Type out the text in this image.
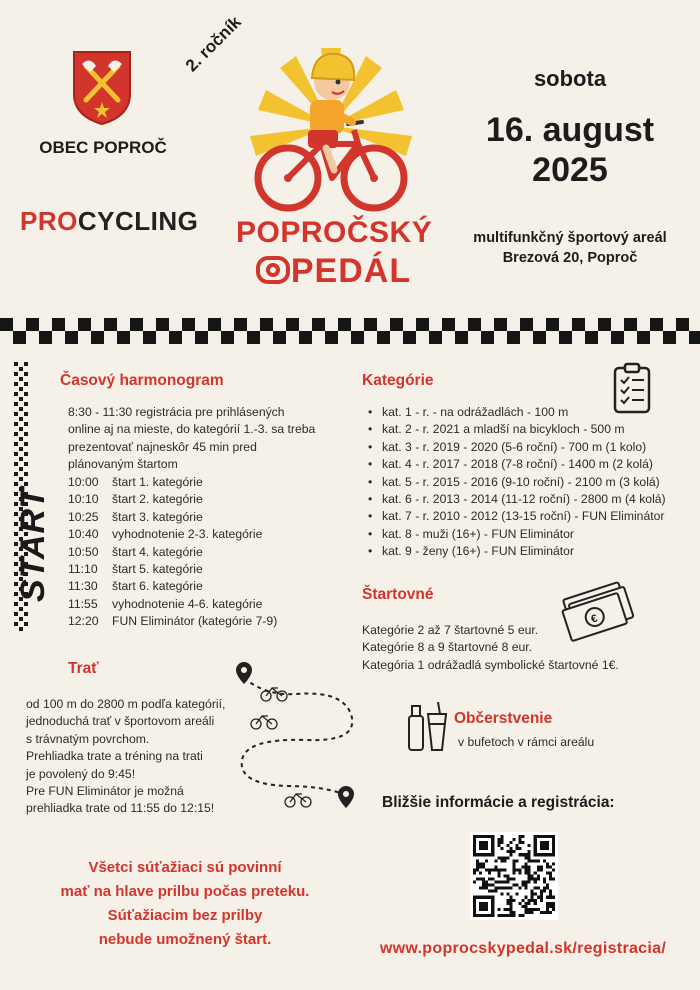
OBEC POPROČ
PROCYCLING
2. ročník
POPROČSKÝ
PEDÁL
sobota
16. august
2025
multifunkčný športový areál
Brezová 20, Poproč
START
Časový harmonogram
8:30 - 11:30 registrácia pre prihlásených online aj na mieste, do kategórií 1.-3. sa treba prezentovať najneskôr 45 min pred plánovaným štartom
10:00	štart 1. kategórie
10:10	štart 2. kategórie
10:25	štart 3. kategórie
10:40	vyhodnotenie 2-3. kategórie
10:50	štart 4. kategórie
11:10	štart 5. kategórie
11:30	štart 6. kategórie
11:55	vyhodnotenie 4-6. kategórie
12:20	FUN Eliminátor (kategórie 7-9)
Kategórie
• kat. 1 - r. - na odrážadlách - 100 m
• kat. 2 - r. 2021 a mladší na bicykloch - 500 m
• kat. 3 - r. 2019 - 2020 (5-6 roční) - 700 m (1 kolo)
• kat. 4 - r. 2017 - 2018 (7-8 roční) - 1400 m (2 kolá)
• kat. 5 - r. 2015 - 2016 (9-10 roční) - 2100 m (3 kolá)
• kat. 6 - r. 2013 - 2014 (11-12 roční) - 2800 m (4 kolá)
• kat. 7 - r. 2010 - 2012 (13-15 roční) - FUN Eliminátor
• kat. 8 - muži (16+) - FUN Eliminátor
• kat. 9 - ženy (16+) - FUN Eliminátor
Štartovné
€
Kategórie 2 až 7 štartovné 5 eur.
Kategórie 8 a 9 štartovné 8 eur.
Kategória 1 odrážadlá symbolické štartovné 1€.
Trať
od 100 m do 2800 m podľa kategórií,
jednoduchá trať v športovom areáli
s trávnatým povrchom.
Prehliadka trate a tréning na trati
je povolený do 9:45!
Pre FUN Eliminátor je možná
prehliadka trate od 11:55 do 12:15!
Občerstvenie
v bufetoch v rámci areálu
Bližšie informácie a registrácia:
www.poprocskypedal.sk/registracia/
Všetci súťažiaci sú povinní
mať na hlave prilbu počas preteku.
Súťažiacim bez prilby
nebude umožnený štart.
